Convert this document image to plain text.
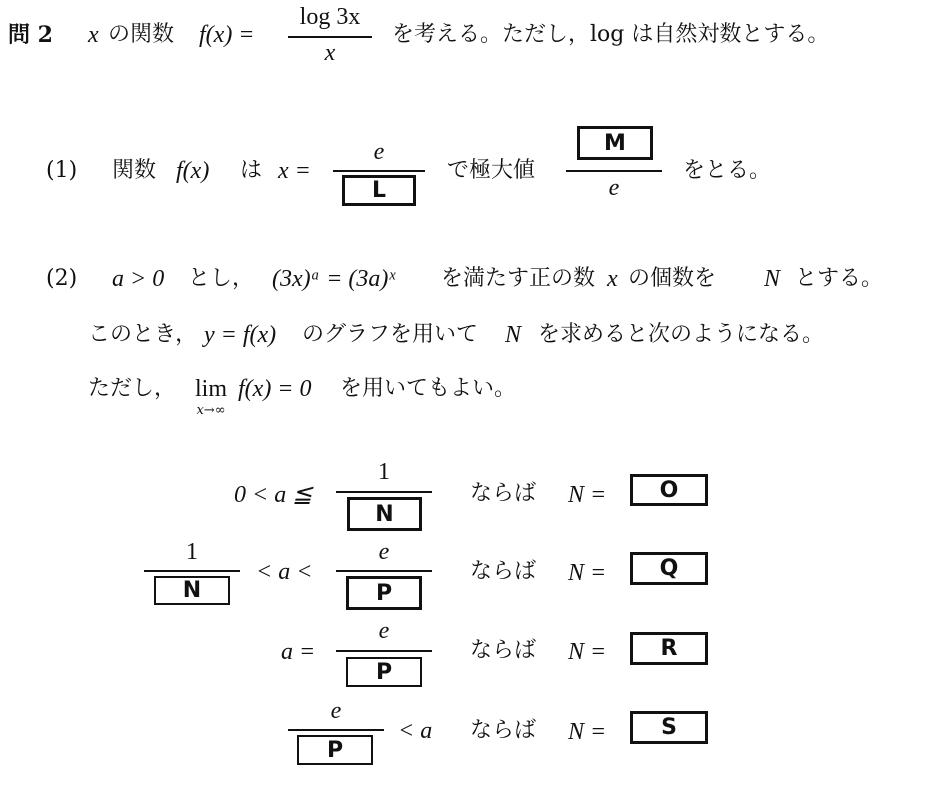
問 2 x の関数 f(x) =
log 3x
x
を考える。ただし，log は自然対数とする。
(1) 関数 f(x) は x =
e
L
で極大値
M
e
をとる。
(2) a > 0 とし， (3x)ᵃ = (3a)ˣ を満たす正の数 x の個数を N とする。
このとき， y = f(x) のグラフを用いて N を求めると次のようになる。
ただし， lim
x→∞
f(x) = 0 を用いてもよい。
0 < a ≦
1
N
ならば N =	O
1
N
< a <
e
P
ならば N =	Q
a =
e
P
ならば N =	R
e
P
< a ならば N =	S
